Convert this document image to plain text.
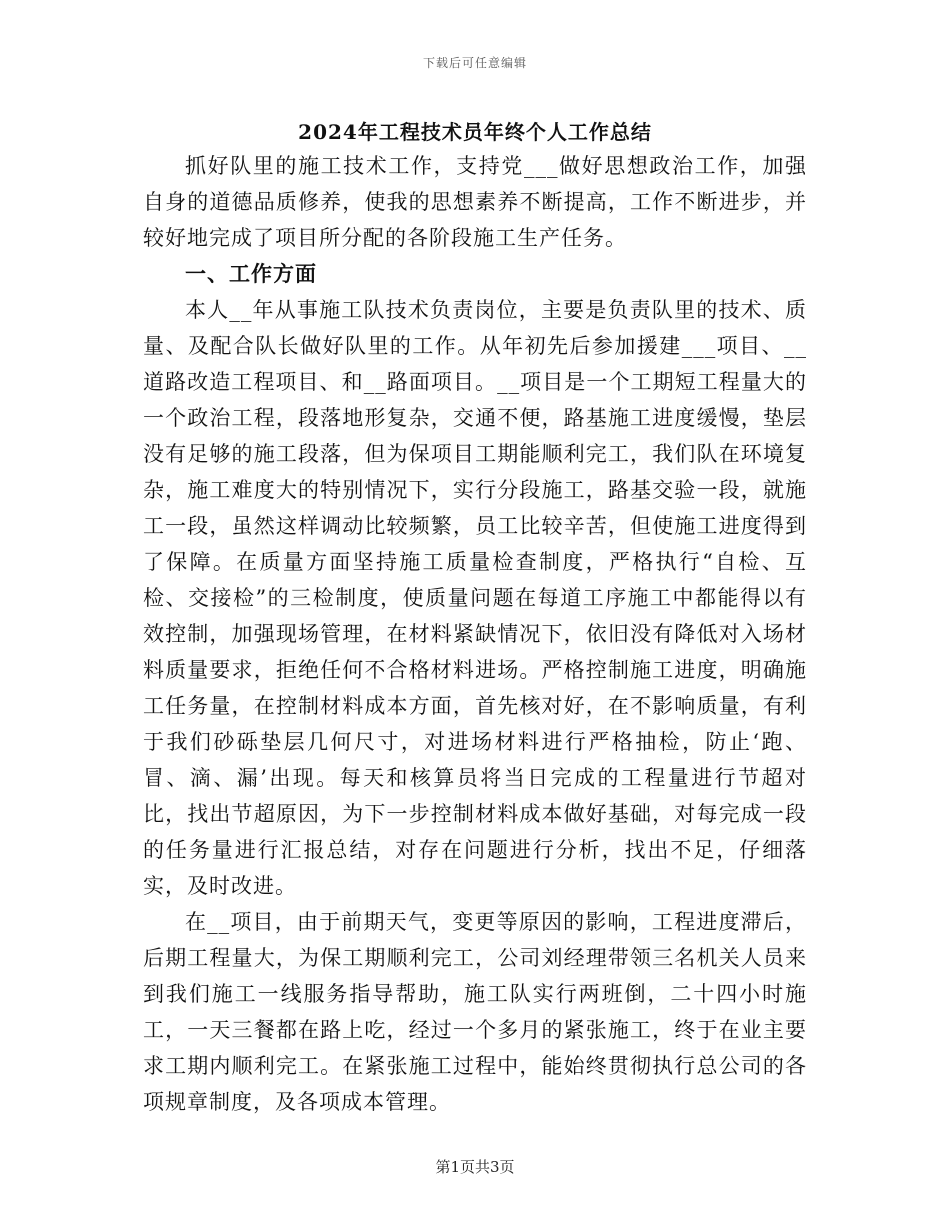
下载后可任意编辑
2024年工程技术员年终个人工作总结

抓好队里的施工技术工作，支持党___做好思想政治工作，加强自身的道德品质修养，使我的思想素养不断提高，工作不断进步，并较好地完成了项目所分配的各阶段施工生产任务。

一、工作方面

本人__年从事施工队技术负责岗位，主要是负责队里的技术、质量、及配合队长做好队里的工作。从年初先后参加援建___项目、__道路改造工程项目、和__路面项目。__项目是一个工期短工程量大的一个政治工程，段落地形复杂，交通不便，路基施工进度缓慢，垫层没有足够的施工段落，但为保项目工期能顺利完工，我们队在环境复杂，施工难度大的特别情况下，实行分段施工，路基交验一段，就施工一段，虽然这样调动比较频繁，员工比较辛苦，但使施工进度得到了保障。在质量方面坚持施工质量检查制度，严格执行“自检、互检、交接检”的三检制度，使质量问题在每道工序施工中都能得以有效控制，加强现场管理，在材料紧缺情况下，依旧没有降低对入场材料质量要求，拒绝任何不合格材料进场。严格控制施工进度，明确施工任务量，在控制材料成本方面，首先核对好，在不影响质量，有利于我们砂砾垫层几何尺寸，对进场材料进行严格抽检，防止‘跑、冒、滴、漏’出现。每天和核算员将当日完成的工程量进行节超对比，找出节超原因，为下一步控制材料成本做好基础，对每完成一段的任务量进行汇报总结，对存在问题进行分析，找出不足，仔细落实，及时改进。

在__项目，由于前期天气，变更等原因的影响，工程进度滞后，后期工程量大，为保工期顺利完工，公司刘经理带领三名机关人员来到我们施工一线服务指导帮助，施工队实行两班倒，二十四小时施工，一天三餐都在路上吃，经过一个多月的紧张施工，终于在业主要求工期内顺利完工。在紧张施工过程中，能始终贯彻执行总公司的各项规章制度，及各项成本管理。

第1页共3页
